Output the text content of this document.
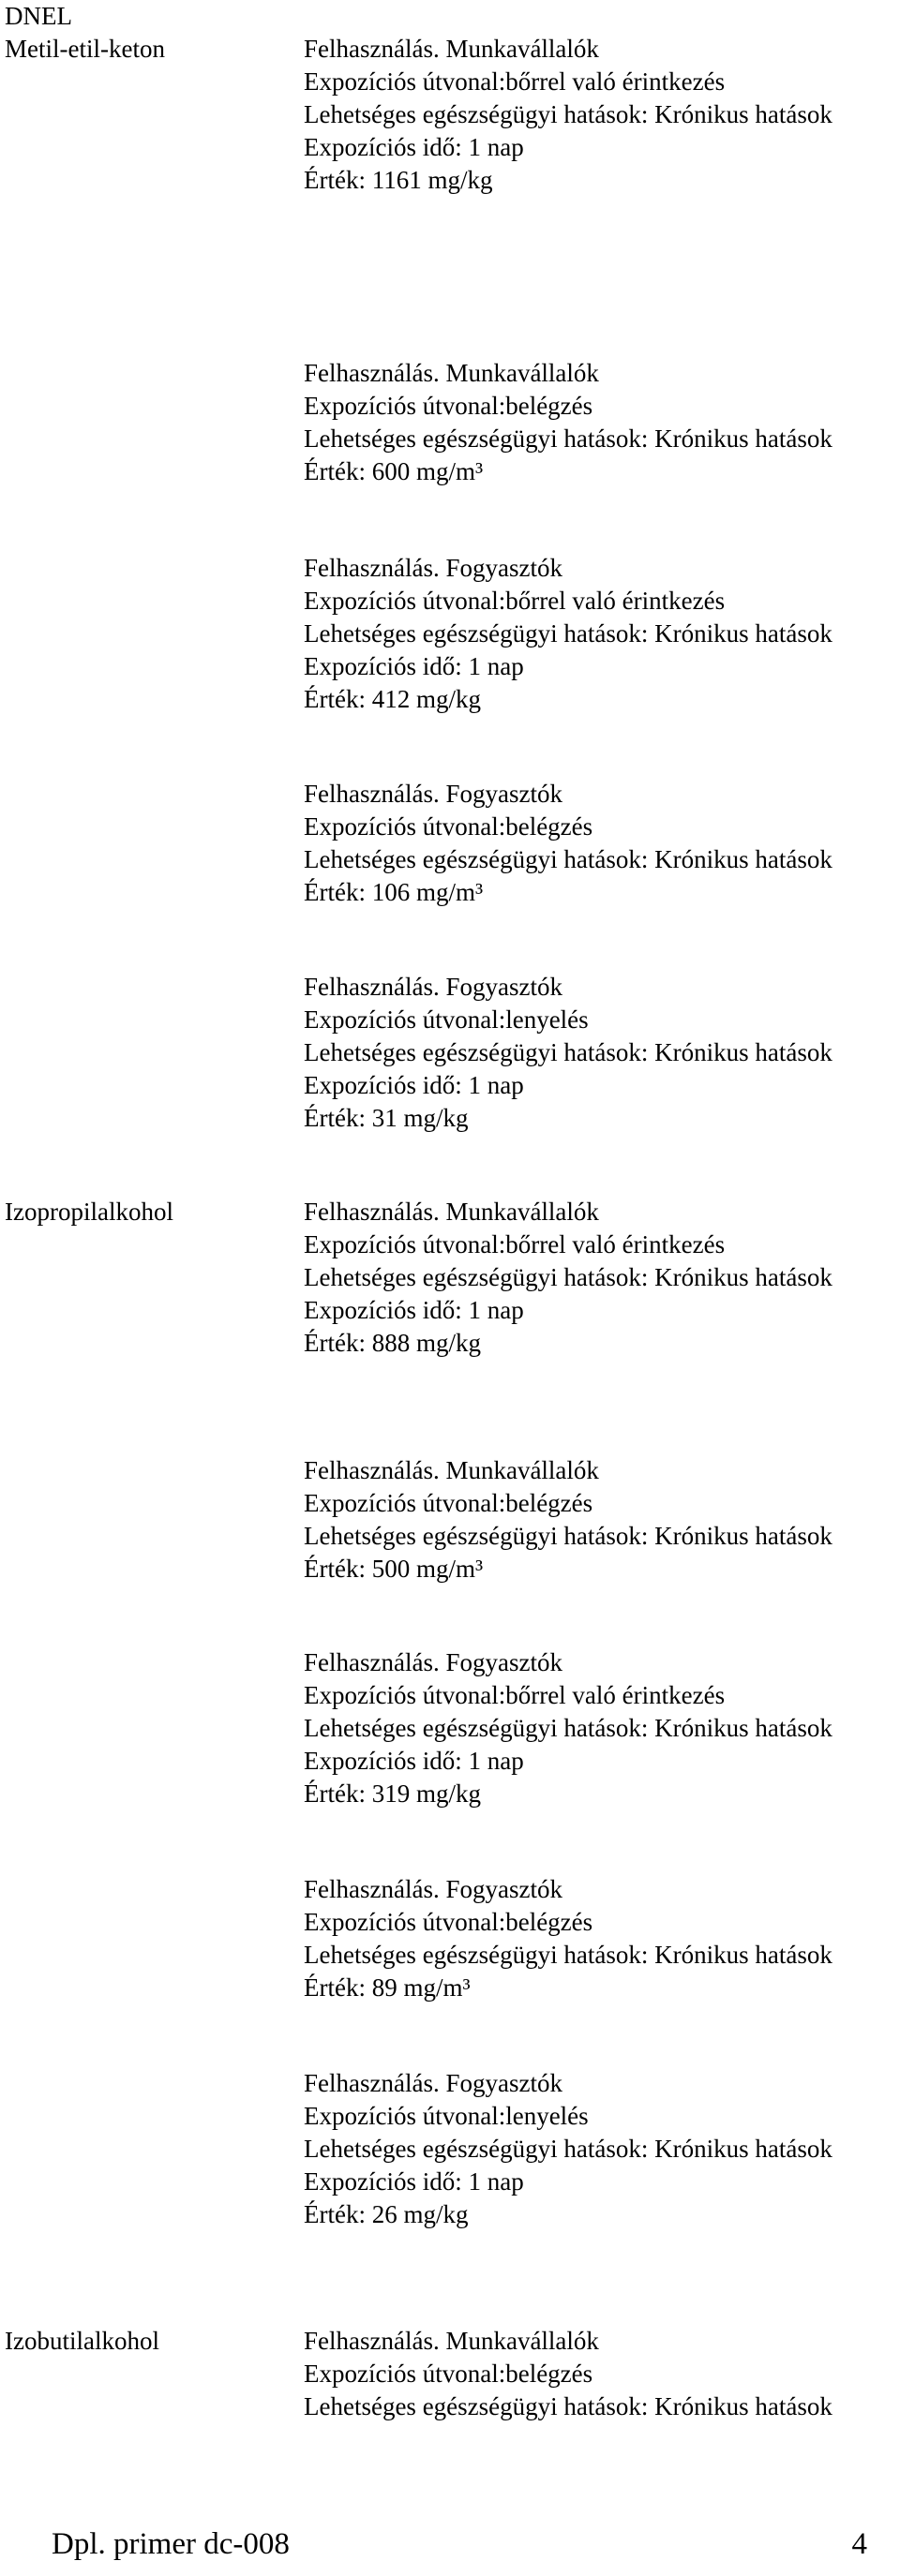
DNEL
Metil-etil-keton
Izopropilalkohol
Izobutilalkohol
Felhasználás. Munkavállalók
Expozíciós útvonal:bőrrel való érintkezés
Lehetséges egészségügyi hatások: Krónikus hatások
Expozíciós idő: 1 nap
Érték: 1161 mg/kg
Felhasználás. Munkavállalók
Expozíciós útvonal:belégzés
Lehetséges egészségügyi hatások: Krónikus hatások
Érték: 600 mg/m³
Felhasználás. Fogyasztók
Expozíciós útvonal:bőrrel való érintkezés
Lehetséges egészségügyi hatások: Krónikus hatások
Expozíciós idő: 1 nap
Érték: 412 mg/kg
Felhasználás. Fogyasztók
Expozíciós útvonal:belégzés
Lehetséges egészségügyi hatások: Krónikus hatások
Érték: 106 mg/m³
Felhasználás. Fogyasztók
Expozíciós útvonal:lenyelés
Lehetséges egészségügyi hatások: Krónikus hatások
Expozíciós idő: 1 nap
Érték: 31 mg/kg
Felhasználás. Munkavállalók
Expozíciós útvonal:bőrrel való érintkezés
Lehetséges egészségügyi hatások: Krónikus hatások
Expozíciós idő: 1 nap
Érték: 888 mg/kg
Felhasználás. Munkavállalók
Expozíciós útvonal:belégzés
Lehetséges egészségügyi hatások: Krónikus hatások
Érték: 500 mg/m³
Felhasználás. Fogyasztók
Expozíciós útvonal:bőrrel való érintkezés
Lehetséges egészségügyi hatások: Krónikus hatások
Expozíciós idő: 1 nap
Érték: 319 mg/kg
Felhasználás. Fogyasztók
Expozíciós útvonal:belégzés
Lehetséges egészségügyi hatások: Krónikus hatások
Érték: 89 mg/m³
Felhasználás. Fogyasztók
Expozíciós útvonal:lenyelés
Lehetséges egészségügyi hatások: Krónikus hatások
Expozíciós idő: 1 nap
Érték: 26 mg/kg
Felhasználás. Munkavállalók
Expozíciós útvonal:belégzés
Lehetséges egészségügyi hatások: Krónikus hatások
Dpl. primer dc-008	4
